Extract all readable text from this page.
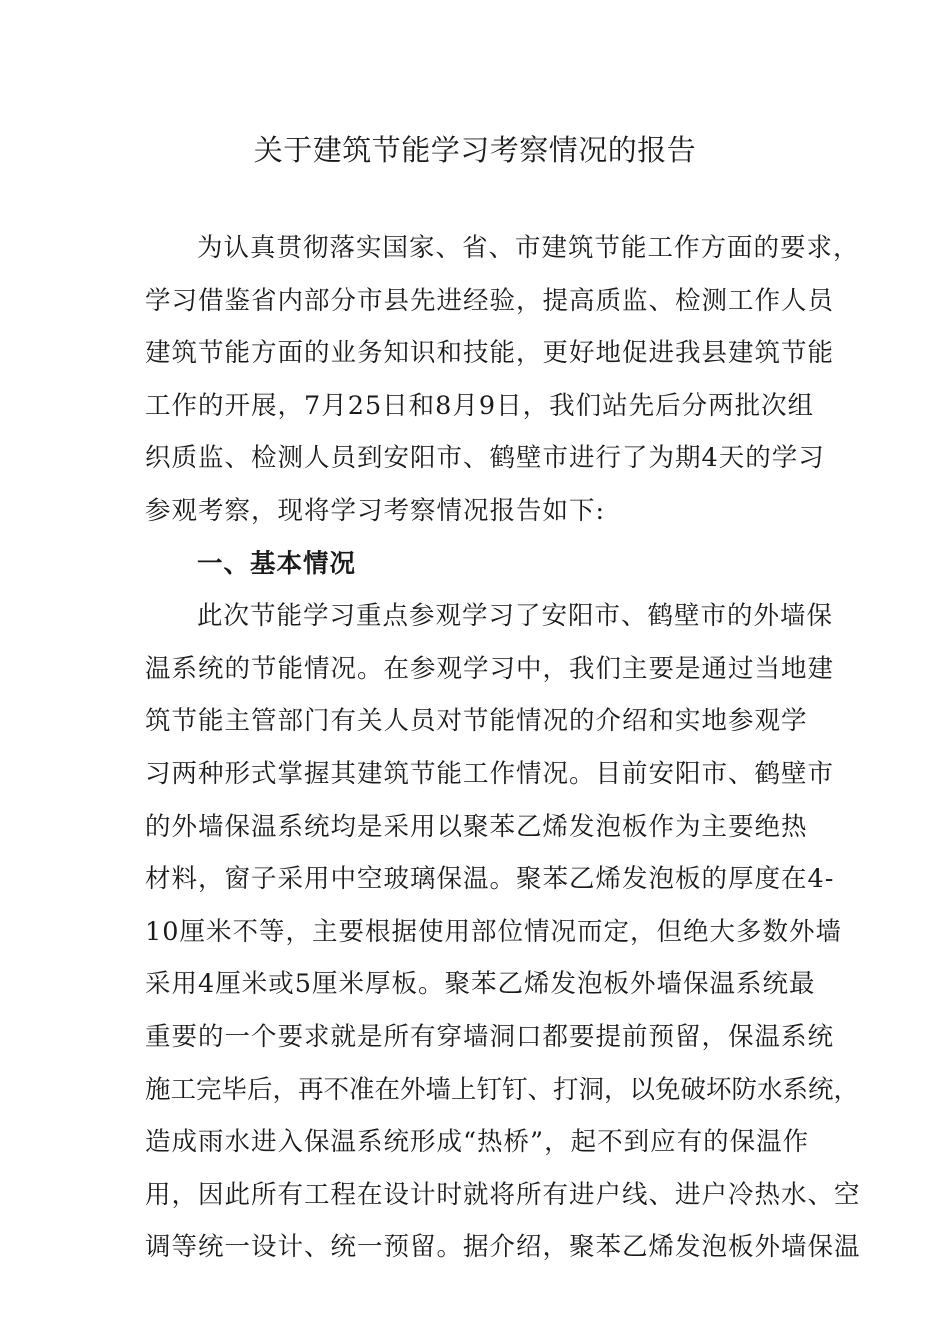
关于建筑节能学习考察情况的报告

为认真贯彻落实国家、省、市建筑节能工作方面的要求，

学习借鉴省内部分市县先进经验，提高质监、检测工作人员

建筑节能方面的业务知识和技能，更好地促进我县建筑节能

工作的开展，7月25日和8月9日，我们站先后分两批次组

织质监、检测人员到安阳市、鹤壁市进行了为期4天的学习

参观考察，现将学习考察情况报告如下:

一、基本情况

此次节能学习重点参观学习了安阳市、鹤壁市的外墙保

温系统的节能情况。在参观学习中，我们主要是通过当地建

筑节能主管部门有关人员对节能情况的介绍和实地参观学

习两种形式掌握其建筑节能工作情况。目前安阳市、鹤壁市

的外墙保温系统均是采用以聚苯乙烯发泡板作为主要绝热

材料，窗子采用中空玻璃保温。聚苯乙烯发泡板的厚度在4-

10厘米不等，主要根据使用部位情况而定，但绝大多数外墙

采用4厘米或5厘米厚板。聚苯乙烯发泡板外墙保温系统最

重要的一个要求就是所有穿墙洞口都要提前预留，保温系统

施工完毕后，再不准在外墙上钉钉、打洞，以免破坏防水系统，

造成雨水进入保温系统形成“热桥”，起不到应有的保温作

用，因此所有工程在设计时就将所有进户线、进户冷热水、空

调等统一设计、统一预留。据介绍，聚苯乙烯发泡板外墙保温
